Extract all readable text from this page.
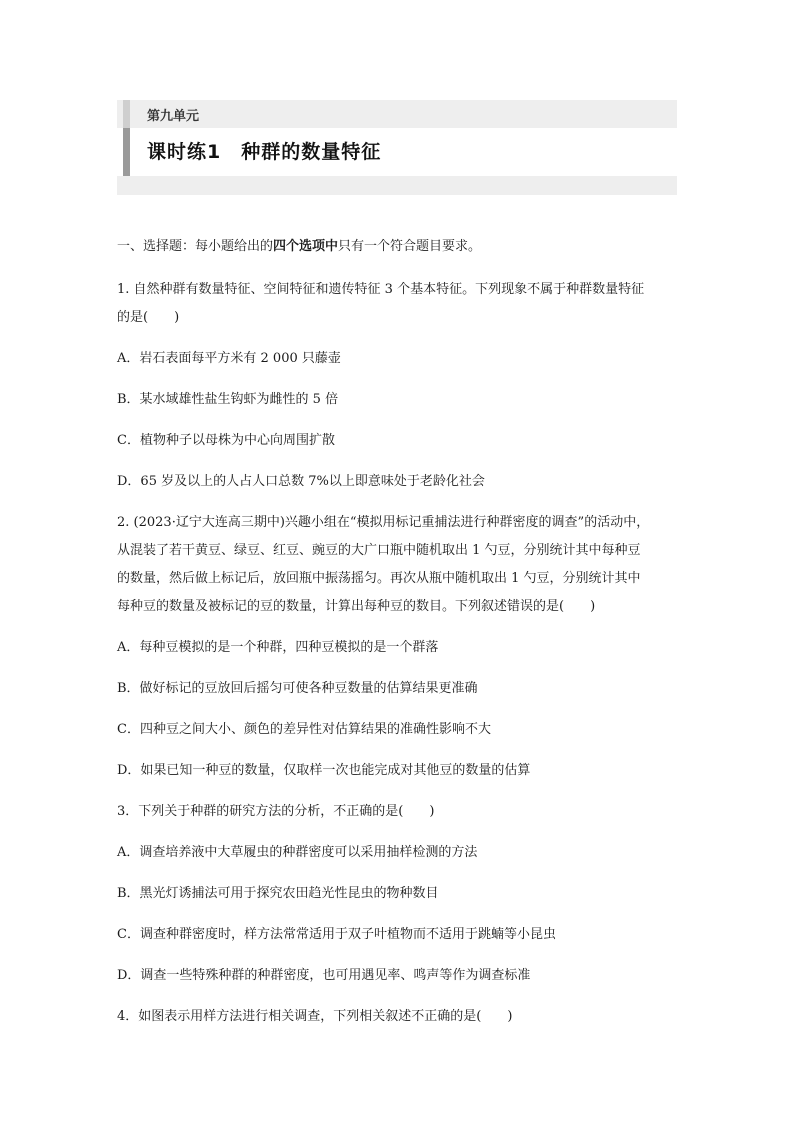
第九单元
课时练1　种群的数量特征
一、选择题：每小题给出的四个选项中只有一个符合题目要求。
1. 自然种群有数量特征、空间特征和遗传特征 3 个基本特征。下列现象不属于种群数量特征
的是(　　)
A．岩石表面每平方米有 2 000 只藤壶
B．某水域雄性盐生钩虾为雌性的 5 倍
C．植物种子以母株为中心向周围扩散
D．65 岁及以上的人占人口总数 7%以上即意味处于老龄化社会
2. (2023·辽宁大连高三期中)兴趣小组在“模拟用标记重捕法进行种群密度的调查”的活动中，
从混装了若干黄豆、绿豆、红豆、豌豆的大广口瓶中随机取出 1 勺豆，分别统计其中每种豆
的数量，然后做上标记后，放回瓶中振荡摇匀。再次从瓶中随机取出 1 勺豆，分别统计其中
每种豆的数量及被标记的豆的数量，计算出每种豆的数目。下列叙述错误的是(　　)
A．每种豆模拟的是一个种群，四种豆模拟的是一个群落
B．做好标记的豆放回后摇匀可使各种豆数量的估算结果更准确
C．四种豆之间大小、颜色的差异性对估算结果的准确性影响不大
D．如果已知一种豆的数量，仅取样一次也能完成对其他豆的数量的估算
3．下列关于种群的研究方法的分析，不正确的是(　　)
A．调查培养液中大草履虫的种群密度可以采用抽样检测的方法
B．黑光灯诱捕法可用于探究农田趋光性昆虫的物种数目
C．调查种群密度时，样方法常常适用于双子叶植物而不适用于跳蝻等小昆虫
D．调查一些特殊种群的种群密度，也可用遇见率、鸣声等作为调查标准
4．如图表示用样方法进行相关调查，下列相关叙述不正确的是(　　)
